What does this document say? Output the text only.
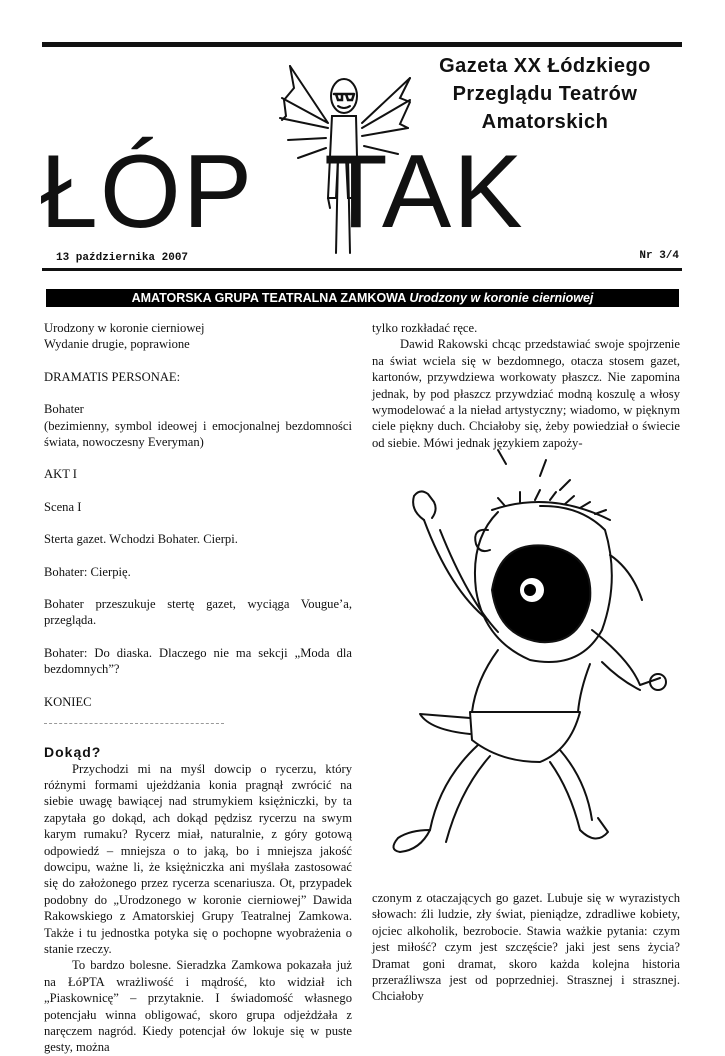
Gazeta XX Łódzkiego
Przeglądu Teatrów
Amatorskich
ŁÓP TAK
13 października 2007	Nr 3/4
AMATORSKA GRUPA TEATRALNA ZAMKOWA Urodzony w koronie cierniowej

Urodzony w koronie cierniowej

Wydanie drugie, poprawione

DRAMATIS PERSONAE:

Bohater

(bezimienny, symbol ideowej i emocjonalnej bezdomności świata, nowoczesny Everyman)

AKT I

Scena I

Sterta gazet. Wchodzi Bohater. Cierpi.

Bohater: Cierpię.

Bohater przeszukuje stertę gazet, wyciąga Vougue’a, przegląda.

Bohater: Do diaska. Dlaczego nie ma sekcji „Moda dla bezdomnych”?

KONIEC

Dokąd?

Przychodzi mi na myśl dowcip o rycerzu, który różnymi formami ujeżdżania konia pragnął zwrócić na siebie uwagę bawiącej nad strumykiem księżniczki, by ta zapytała go dokąd, ach dokąd pędzisz rycerzu na swym karym rumaku? Rycerz miał, naturalnie, z góry gotową odpowiedź – mniejsza o to jaką, bo i mniejsza jakość dowcipu, ważne li, że księżniczka ani myślała zastosować się do założonego przez rycerza scenariusza. Ot, przypadek podobny do „Urodzonego w koronie cierniowej” Dawida Rakowskiego z Amatorskiej Grupy Teatralnej Zamkowa. Także i tu jednostka potyka się o pochopne wyobrażenia o stanie rzeczy.

To bardzo bolesne. Sieradzka Zamkowa pokazała już na ŁóPTA wrażliwość i mądrość, kto widział ich „Piaskownicę” – przytaknie. I świadomość własnego potencjału winna obligować, skoro grupa odjeżdżała z naręczem nagród. Kiedy potencjał ów lokuje się w puste gesty, można

tylko rozkładać ręce.

Dawid Rakowski chcąc przedstawiać swoje spojrzenie na świat wciela się w bezdomnego, otacza stosem gazet, kartonów, przywdziewa workowaty płaszcz. Nie zapomina jednak, by pod płaszcz przywdziać modną koszulę a włosy wymodelować a la nieład artystyczny; wiadomo, w pięknym ciele piękny duch. Chciałoby się, żeby powiedział o świecie od siebie. Mówi jednak językiem zapoży-

czonym z otaczających go gazet. Lubuje się w wyrazistych słowach: źli ludzie, zły świat, pieniądze, zdradliwe kobiety, ojciec alkoholik, bezrobocie. Stawia ważkie pytania: czym jest miłość? czym jest szczęście? jaki jest sens życia? Dramat goni dramat, skoro każda kolejna historia przeraźliwsza jest od poprzedniej. Strasznej i strasznej. Chciałoby
